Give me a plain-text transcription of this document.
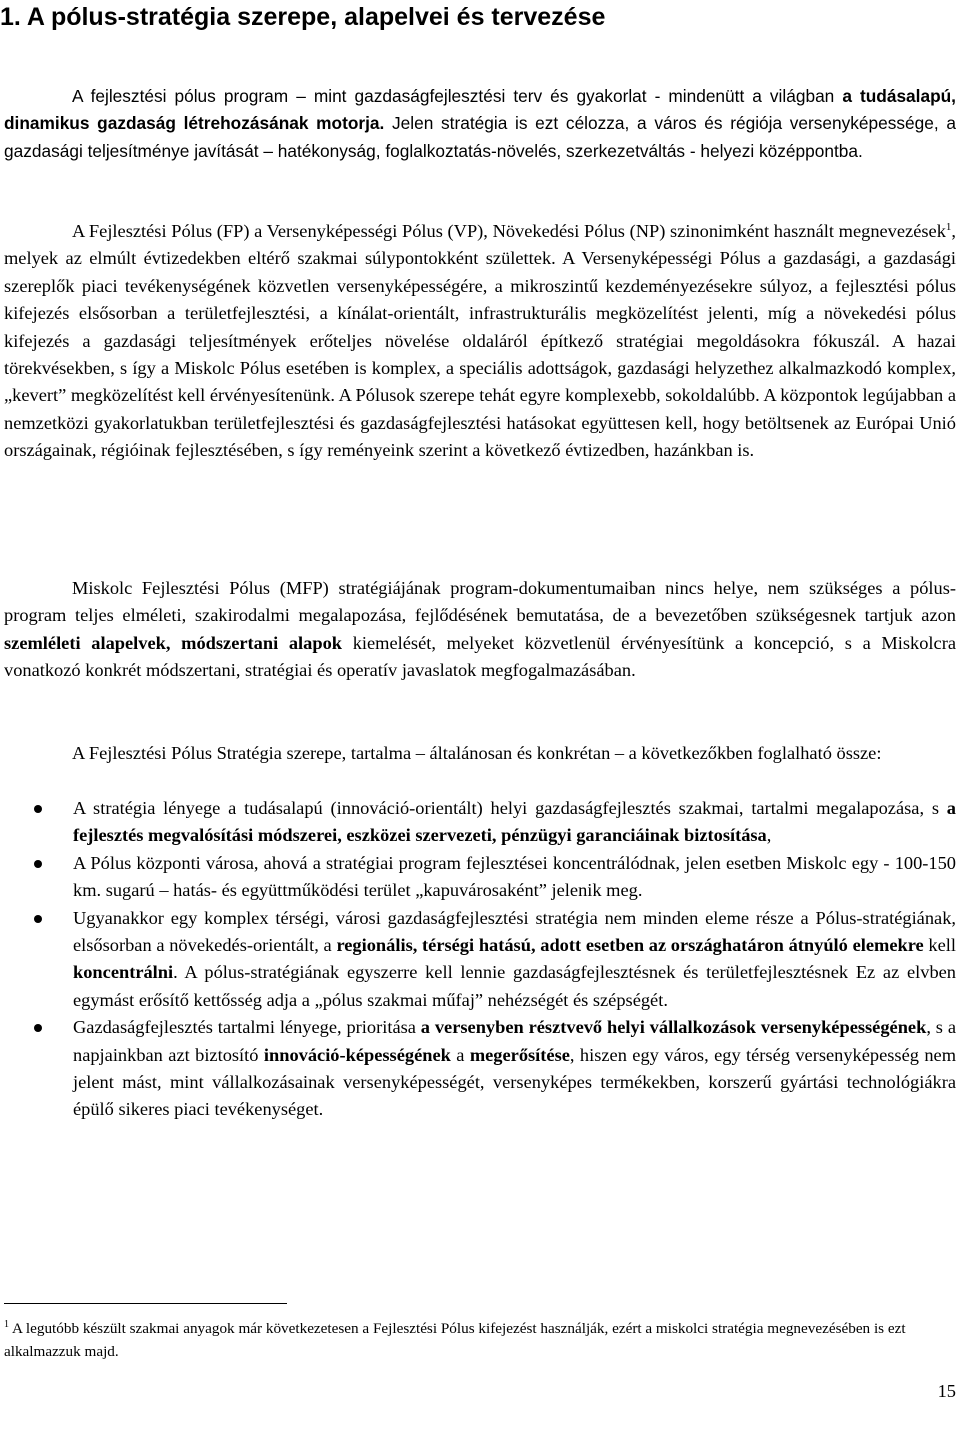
1. A pólus-stratégia szerepe, alapelvei és tervezése

A fejlesztési pólus program – mint gazdaságfejlesztési terv és gyakorlat - mindenütt a világban a tudásalapú, dinamikus gazdaság létrehozásának motorja. Jelen stratégia is ezt célozza, a város és régiója versenyképessége, a gazdasági teljesítménye javítását – hatékonyság, foglalkoztatás-növelés, szerkezetváltás - helyezi középpontba.

A Fejlesztési Pólus (FP) a Versenyképességi Pólus (VP), Növekedési Pólus (NP) szinonimként használt megnevezések$^1$, melyek az elmúlt évtizedekben eltérő szakmai súlypontokként születtek. A Versenyképességi Pólus a gazdasági, a gazdasági szereplők piaci tevékenységének közvetlen versenyképességére, a mikroszintű kezdeményezésekre súlyoz, a fejlesztési pólus kifejezés elsősorban a területfejlesztési, a kínálat-orientált, infrastrukturális megközelítést jelenti, míg a növekedési pólus kifejezés a gazdasági teljesítmények erőteljes növelése oldaláról építkező stratégiai megoldásokra fókuszál. A hazai törekvésekben, s így a Miskolc Pólus esetében is komplex, a speciális adottságok, gazdasági helyzethez alkalmazkodó komplex, „kevert” megközelítést kell érvényesítenünk. A Pólusok szerepe tehát egyre komplexebb, sokoldalúbb. A központok legújabban a nemzetközi gyakorlatukban területfejlesztési és gazdaságfejlesztési hatásokat együttesen kell, hogy betöltsenek az Európai Unió országainak, régióinak fejlesztésében, s így reményeink szerint a következő évtizedben, hazánkban is.

Miskolc Fejlesztési Pólus (MFP) stratégiájának program-dokumentumaiban nincs helye, nem szükséges a pólus-program teljes elméleti, szakirodalmi megalapozása, fejlődésének bemutatása, de a bevezetőben szükségesnek tartjuk azon szemléleti alapelvek, módszertani alapok kiemelését, melyeket közvetlenül érvényesítünk a koncepció, s a Miskolcra vonatkozó konkrét módszertani, stratégiai és operatív javaslatok megfogalmazásában.

A Fejlesztési Pólus Stratégia szerepe, tartalma – általánosan és konkrétan – a következőkben foglalható össze:

A stratégia lényege a tudásalapú (innováció-orientált) helyi gazdaságfejlesztés szakmai, tartalmi megalapozása, s a fejlesztés megvalósítási módszerei, eszközei szervezeti, pénzügyi garanciáinak biztosítása,
A Pólus központi városa, ahová a stratégiai program fejlesztései koncentrálódnak, jelen esetben Miskolc egy - 100-150 km. sugarú – hatás- és együttműködési terület „kapuvárosaként” jelenik meg.
Ugyanakkor egy komplex térségi, városi gazdaságfejlesztési stratégia nem minden eleme része a Pólus-stratégiának, elsősorban a növekedés-orientált, a regionális, térségi hatású, adott esetben az országhatáron átnyúló elemekre kell koncentrálni. A pólus-stratégiának egyszerre kell lennie gazdaságfejlesztésnek és területfejlesztésnek Ez az elvben egymást erősítő kettősség adja a „pólus szakmai műfaj” nehézségét és szépségét.
Gazdaságfejlesztés tartalmi lényege, prioritása a versenyben résztvevő helyi vállalkozások versenyképességének, s a napjainkban azt biztosító innováció-képességének a megerősítése, hiszen egy város, egy térség versenyképesség nem jelent mást, mint vállalkozásainak versenyképességét, versenyképes termékekben, korszerű gyártási technológiákra épülő sikeres piaci tevékenységet.

$^1$ A legutóbb készült szakmai anyagok már következetesen a Fejlesztési Pólus kifejezést használják, ezért a miskolci stratégia megnevezésében is ezt alkalmazzuk majd.

15
